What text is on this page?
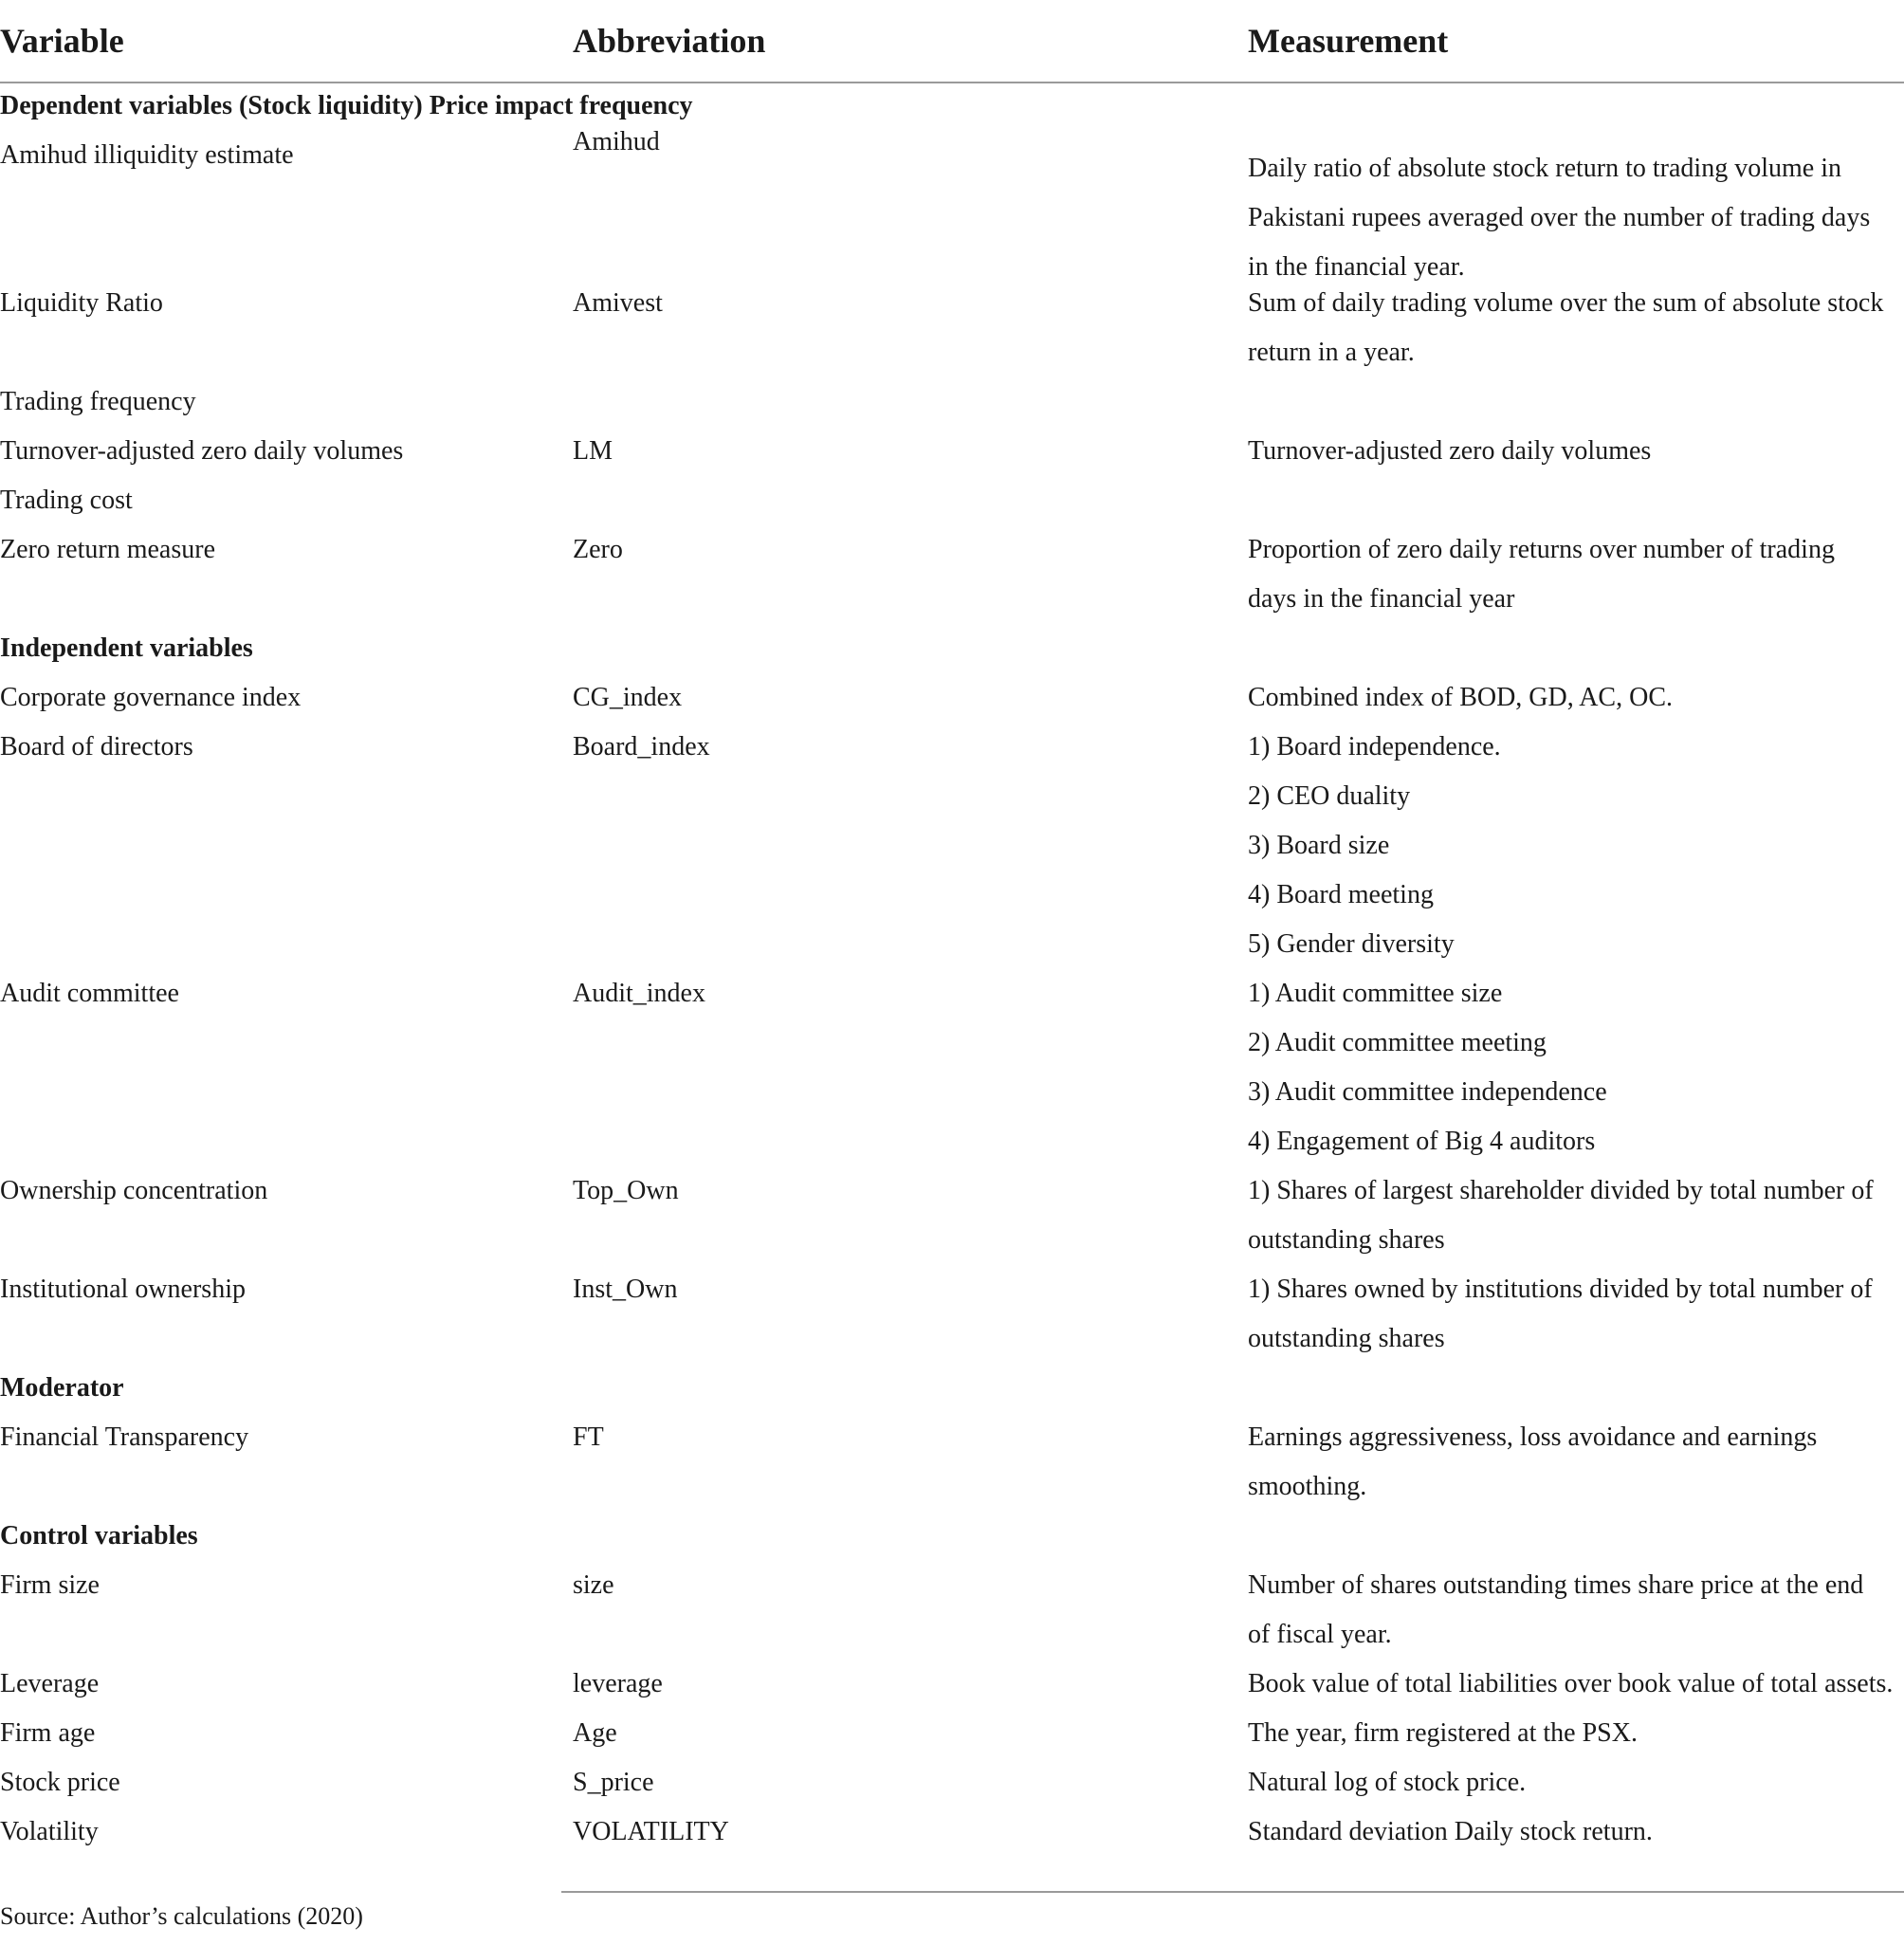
Variable	Abbreviation	Measurement
Dependent variables (Stock liquidity) Price impact frequency
Amihud illiquidity estimate	Amihud
Daily ratio of absolute stock return to trading volume in
Pakistani rupees averaged over the number of trading days
in the financial year.
Liquidity Ratio	Amivest	Sum of daily trading volume over the sum of absolute stock
return in a year.
Trading frequency
Turnover-adjusted zero daily volumes	LM	Turnover-adjusted zero daily volumes
Trading cost
Zero return measure	Zero	Proportion of zero daily returns over number of trading
days in the financial year
Independent variables
Corporate governance index	CG_index	Combined index of BOD, GD, AC, OC.
Board of directors	Board_index	1) Board independence.
2) CEO duality
3) Board size
4) Board meeting
5) Gender diversity
Audit committee	Audit_index	1) Audit committee size
2) Audit committee meeting
3) Audit committee independence
4) Engagement of Big 4 auditors
Ownership concentration	Top_Own	1) Shares of largest shareholder divided by total number of
outstanding shares
Institutional ownership	Inst_Own	1) Shares owned by institutions divided by total number of
outstanding shares
Moderator
Financial Transparency	FT	Earnings aggressiveness, loss avoidance and earnings
smoothing.
Control variables
Firm size	size	Number of shares outstanding times share price at the end
of fiscal year.
Leverage	leverage	Book value of total liabilities over book value of total assets.
Firm age	Age	The year, firm registered at the PSX.
Stock price	S_price	Natural log of stock price.
Volatility	VOLATILITY	Standard deviation Daily stock return.
Source: Author’s calculations (2020)
